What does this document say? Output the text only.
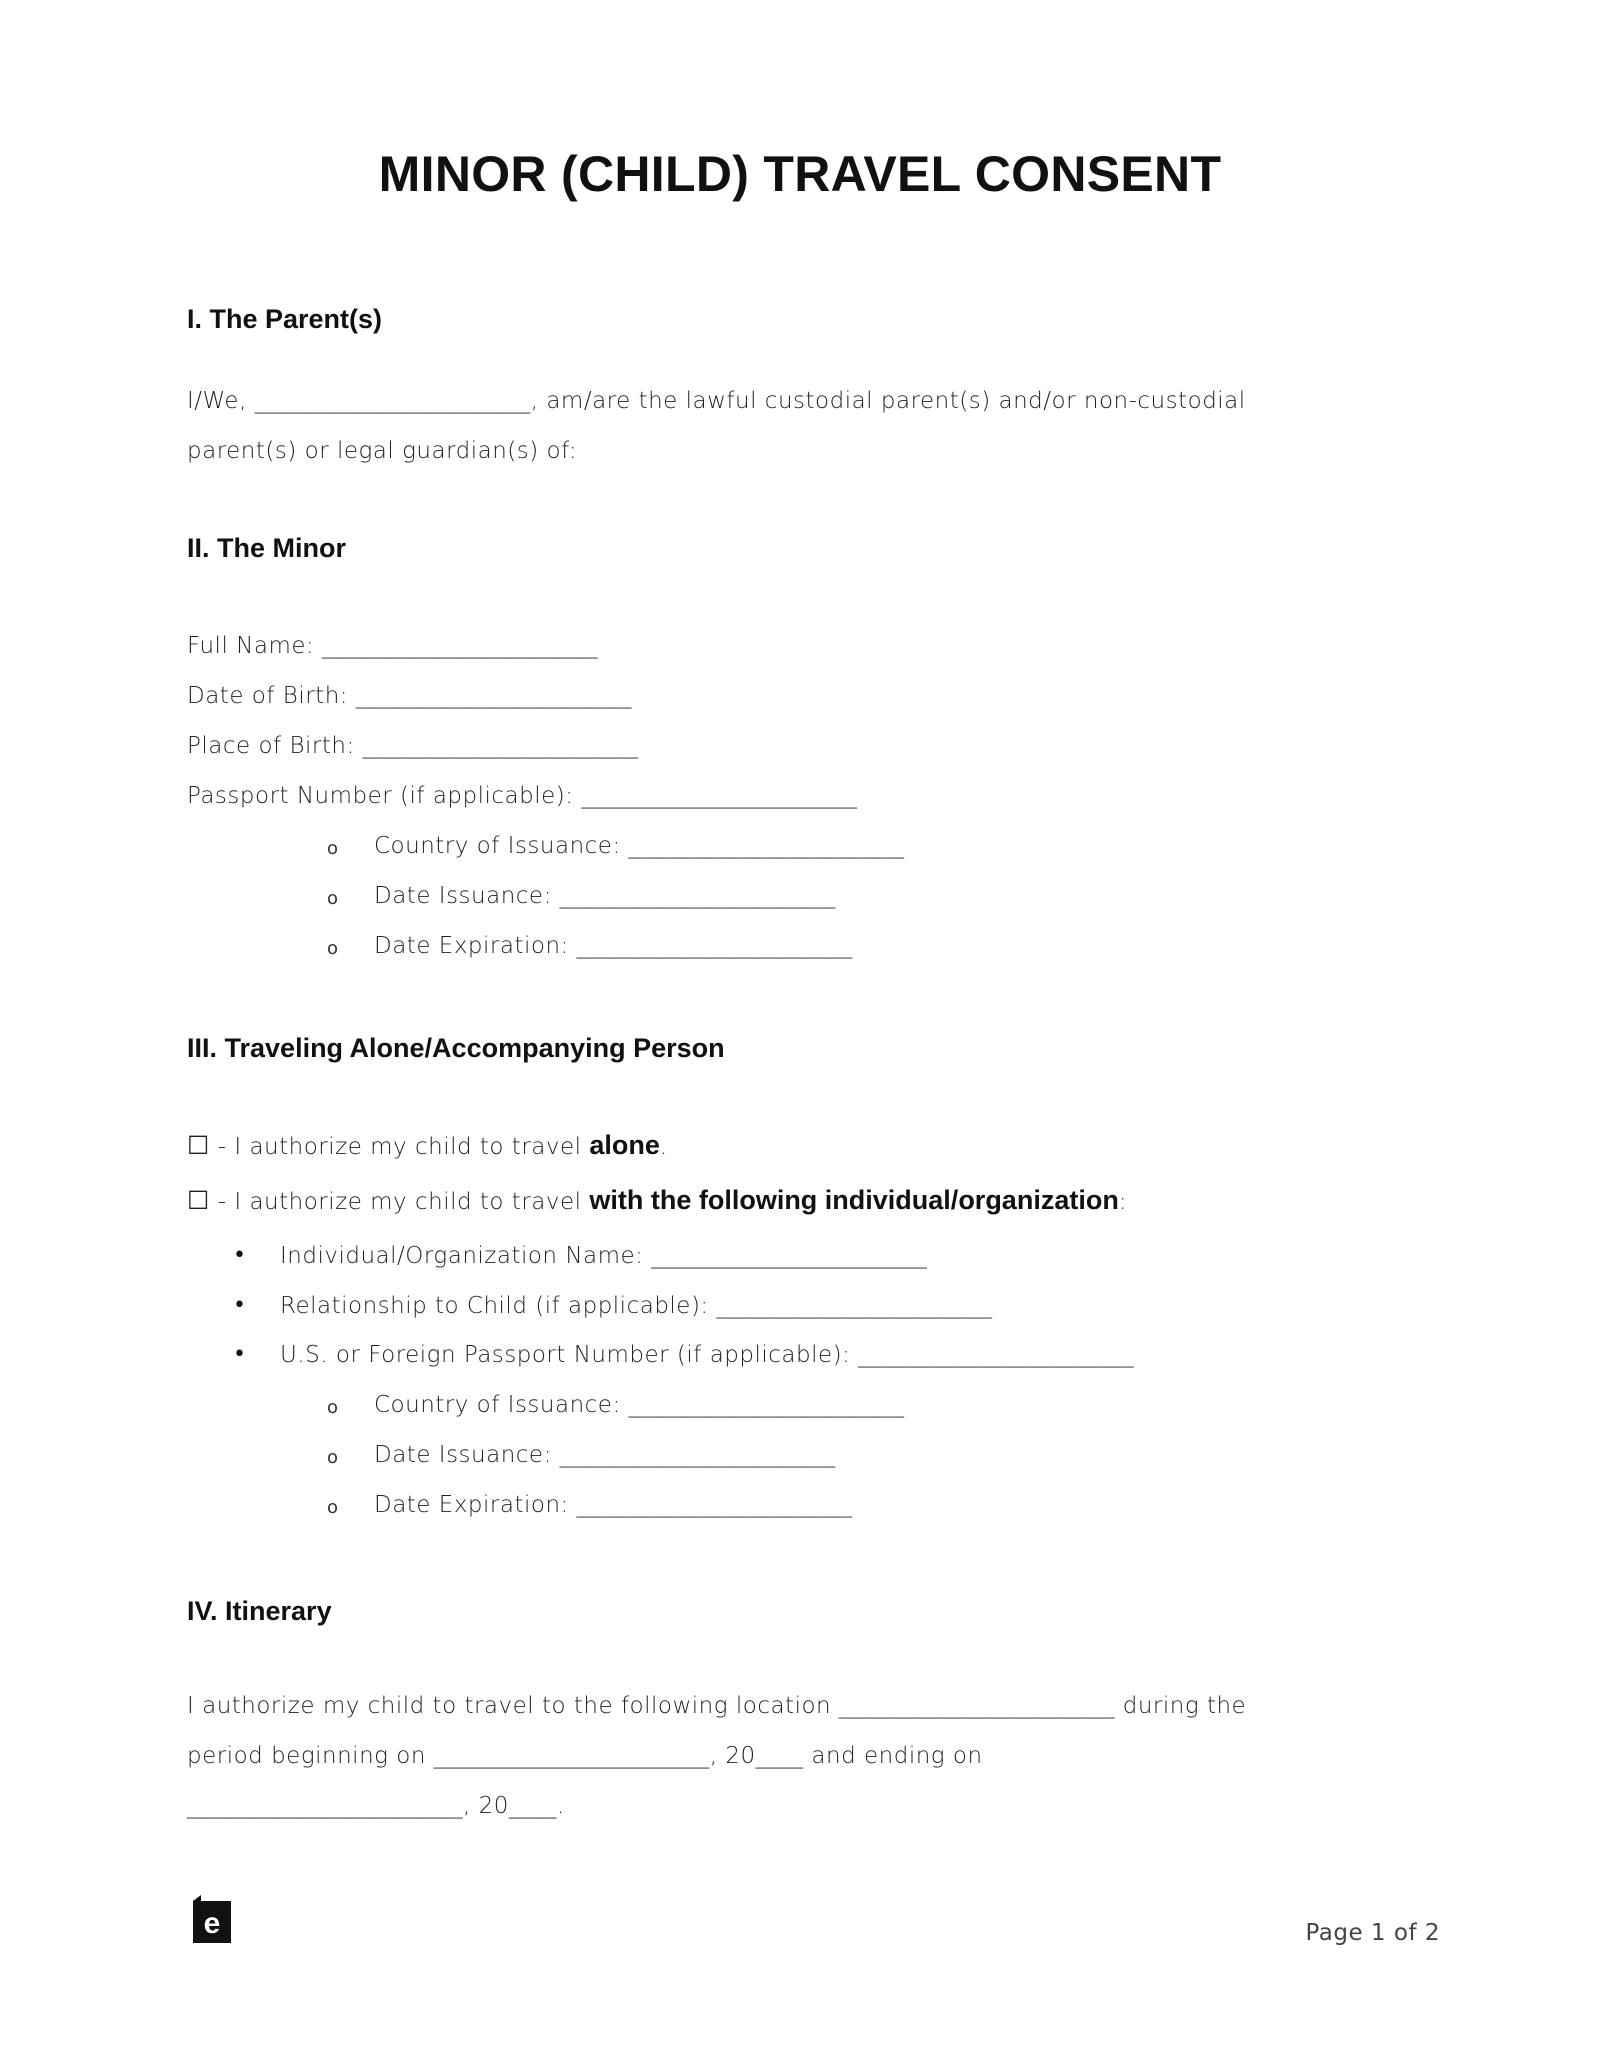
MINOR (CHILD) TRAVEL CONSENT
I. The Parent(s)
I/We, _______________________, am/are the lawful custodial parent(s) and/or non-custodial
parent(s) or legal guardian(s) of:
II. The Minor
Full Name: _______________________
Date of Birth: _______________________
Place of Birth: _______________________
Passport Number (if applicable): _______________________
o Country of Issuance: _______________________
o Date Issuance: _______________________
o Date Expiration: _______________________
III. Traveling Alone/Accompanying Person
☐ - I authorize my child to travel alone.
☐ - I authorize my child to travel with the following individual/organization:
• Individual/Organization Name: _______________________
• Relationship to Child (if applicable): _______________________
• U.S. or Foreign Passport Number (if applicable): _______________________
o Country of Issuance: _______________________
o Date Issuance: _______________________
o Date Expiration: _______________________
IV. Itinerary
I authorize my child to travel to the following location _______________________ during the
period beginning on _______________________, 20____ and ending on
_______________________, 20____.
e	Page 1 of 2
